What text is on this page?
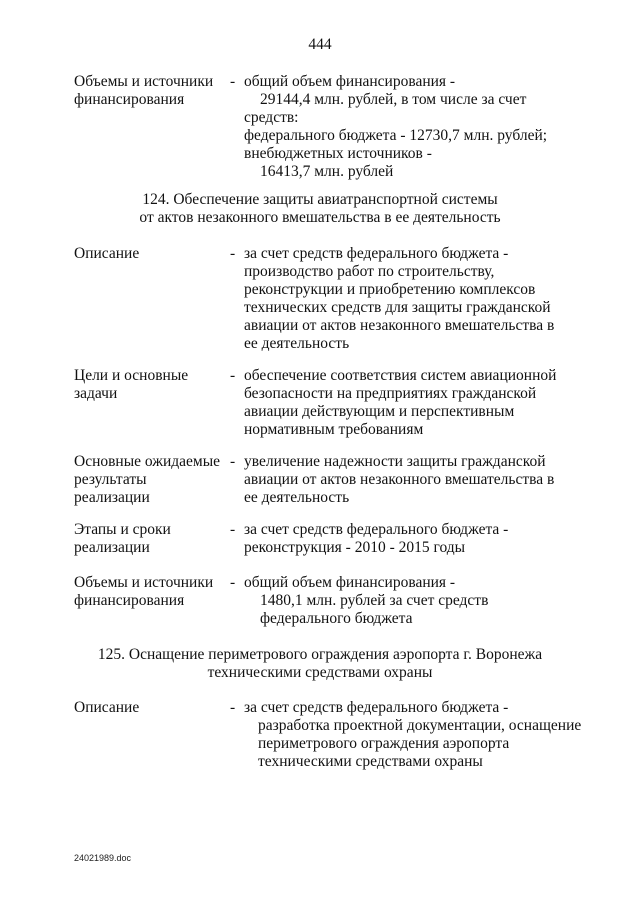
444
Объемы и источники
финансирования
- общий объем финансирования -
29144,4 млн. рублей, в том числе за счет
средств:
федерального бюджета - 12730,7 млн. рублей;
внебюджетных источников -
16413,7 млн. рублей
124. Обеспечение защиты авиатранспортной системы
от актов незаконного вмешательства в ее деятельность
Описание	- за счет средств федерального бюджета -
производство работ по строительству,
реконструкции и приобретению комплексов
технических средств для защиты гражданской
авиации от актов незаконного вмешательства в
ее деятельность
Цели и основные
задачи
- обеспечение соответствия систем авиационной
безопасности на предприятиях гражданской
авиации действующим и перспективным
нормативным требованиям
Основные ожидаемые
результаты
реализации
- увеличение надежности защиты гражданской
авиации от актов незаконного вмешательства в
ее деятельность
Этапы и сроки
реализации
- за счет средств федерального бюджета -
реконструкция - 2010 - 2015 годы
Объемы и источники
финансирования
- общий объем финансирования -
1480,1 млн. рублей за счет средств
федерального бюджета
125. Оснащение периметрового ограждения аэропорта г. Воронежа
техническими средствами охраны
Описание	- за счет средств федерального бюджета -
разработка проектной документации, оснащение
периметрового ограждения аэропорта
техническими средствами охраны
24021989.doc
